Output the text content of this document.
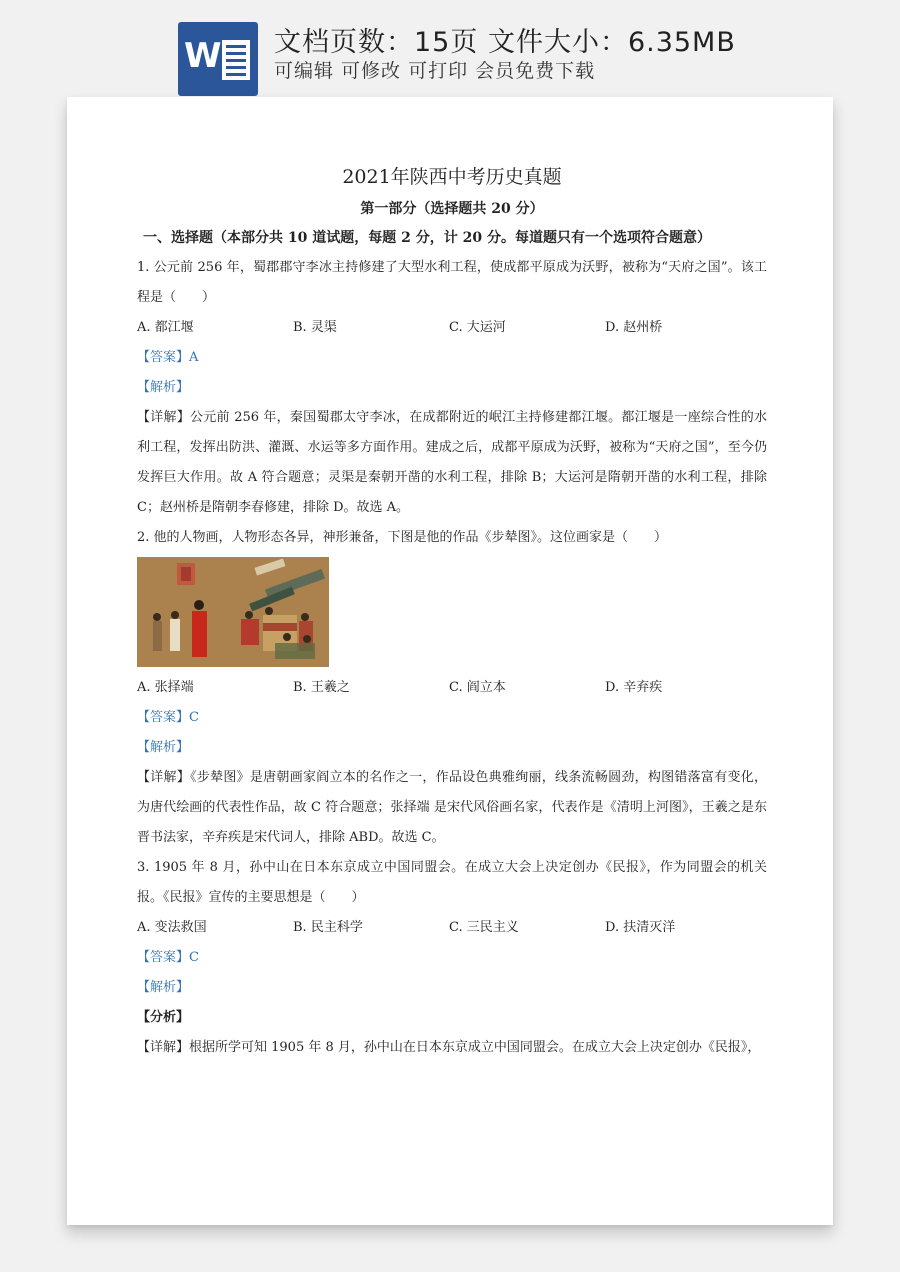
W 文档页数：15页 文件大小：6.35MB
可编辑 可修改 可打印 会员免费下载
2021年陕西中考历史真题
第一部分（选择题共 20 分）
一、选择题（本部分共 10 道试题，每题 2 分，计 20 分。每道题只有一个选项符合题意）

1. 公元前 256 年，蜀郡郡守李冰主持修建了大型水利工程，使成都平原成为沃野，被称为“天府之国”。该工程是（　　）

A. 都江堰	B. 灵渠	C. 大运河	D. 赵州桥
【答案】A
【解析】

【详解】公元前 256 年，秦国蜀郡太守李冰，在成都附近的岷江主持修建都江堰。都江堰是一座综合性的水利工程，发挥出防洪、灌溉、水运等多方面作用。建成之后，成都平原成为沃野，被称为“天府之国”，至今仍发挥巨大作用。故 A 符合题意；灵渠是秦朝开凿的水利工程，排除 B；大运河是隋朝开凿的水利工程，排除 C；赵州桥是隋朝李春修建，排除 D。故选 A。

2. 他的人物画，人物形态各异，神形兼备，下图是他的作品《步辇图》。这位画家是（　　）

A. 张择端	B. 王羲之	C. 阎立本	D. 辛弃疾
【答案】C
【解析】

【详解】《步辇图》是唐朝画家阎立本的名作之一，作品设色典雅绚丽，线条流畅圆劲，构图错落富有变化，为唐代绘画的代表性作品，故 C 符合题意；张择端 是宋代风俗画名家，代表作是《清明上河图》，王羲之是东晋书法家，辛弃疾是宋代词人，排除 ABD。故选 C。

3. 1905 年 8 月，孙中山在日本东京成立中国同盟会。在成立大会上决定创办《民报》，作为同盟会的机关报。《民报》宣传的主要思想是（　　）

A. 变法救国	B. 民主科学	C. 三民主义	D. 扶清灭洋
【答案】C
【解析】
【分析】

【详解】根据所学可知 1905 年 8 月，孙中山在日本东京成立中国同盟会。在成立大会上决定创办《民报》，
